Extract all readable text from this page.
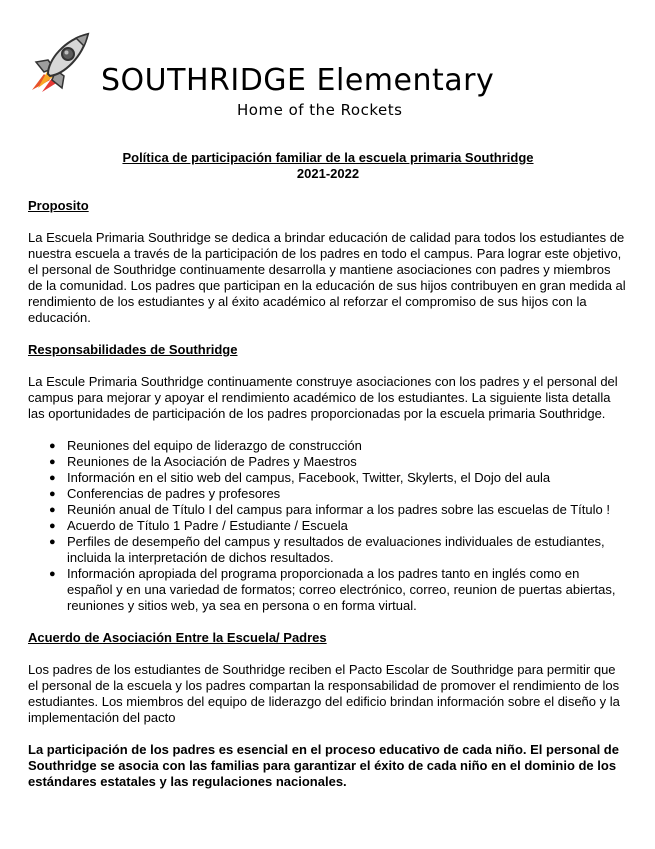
SOUTHRIDGE Elementary
Home of the Rockets
Política de participación familiar de la escuela primaria Southridge
2021-2022
Proposito

La Escuela Primaria Southridge se dedica a brindar educación de calidad para todos los estudiantes de nuestra escuela a través de la participación de los padres en todo el campus. Para lograr este objetivo, el personal de Southridge continuamente desarrolla y mantiene asociaciones con padres y miembros de la comunidad. Los padres que participan en la educación de sus hijos contribuyen en gran medida al rendimiento de los estudiantes y al éxito académico al reforzar el compromiso de sus hijos con la educación.

Responsabilidades de Southridge

La Escule Primaria Southridge continuamente construye asociaciones con los padres y el personal del campus para mejorar y apoyar el rendimiento académico de los estudiantes. La siguiente lista detalla las oportunidades de participación de los padres proporcionadas por la escuela primaria Southridge.

● Reuniones del equipo de liderazgo de construcción
● Reuniones de la Asociación de Padres y Maestros
● Información en el sitio web del campus, Facebook, Twitter, Skylerts, el Dojo del aula
● Conferencias de padres y profesores
● Reunión anual de Título I del campus para informar a los padres sobre las escuelas de Título !
● Acuerdo de Título 1 Padre / Estudiante / Escuela
● Perfiles de desempeño del campus y resultados de evaluaciones individuales de estudiantes, incluida la interpretación de dichos resultados.
● Información apropiada del programa proporcionada a los padres tanto en inglés como en español y en una variedad de formatos; correo electrónico, correo, reunion de puertas abiertas, reuniones y sitios web, ya sea en persona o en forma virtual.
Acuerdo de Asociación Entre la Escuela/ Padres

Los padres de los estudiantes de Southridge reciben el Pacto Escolar de Southridge para permitir que el personal de la escuela y los padres compartan la responsabilidad de promover el rendimiento de los estudiantes. Los miembros del equipo de liderazgo del edificio brindan información sobre el diseño y la implementación del pacto

La participación de los padres es esencial en el proceso educativo de cada niño. El personal de Southridge se asocia con las familias para garantizar el éxito de cada niño en el dominio de los estándares estatales y las regulaciones nacionales.
